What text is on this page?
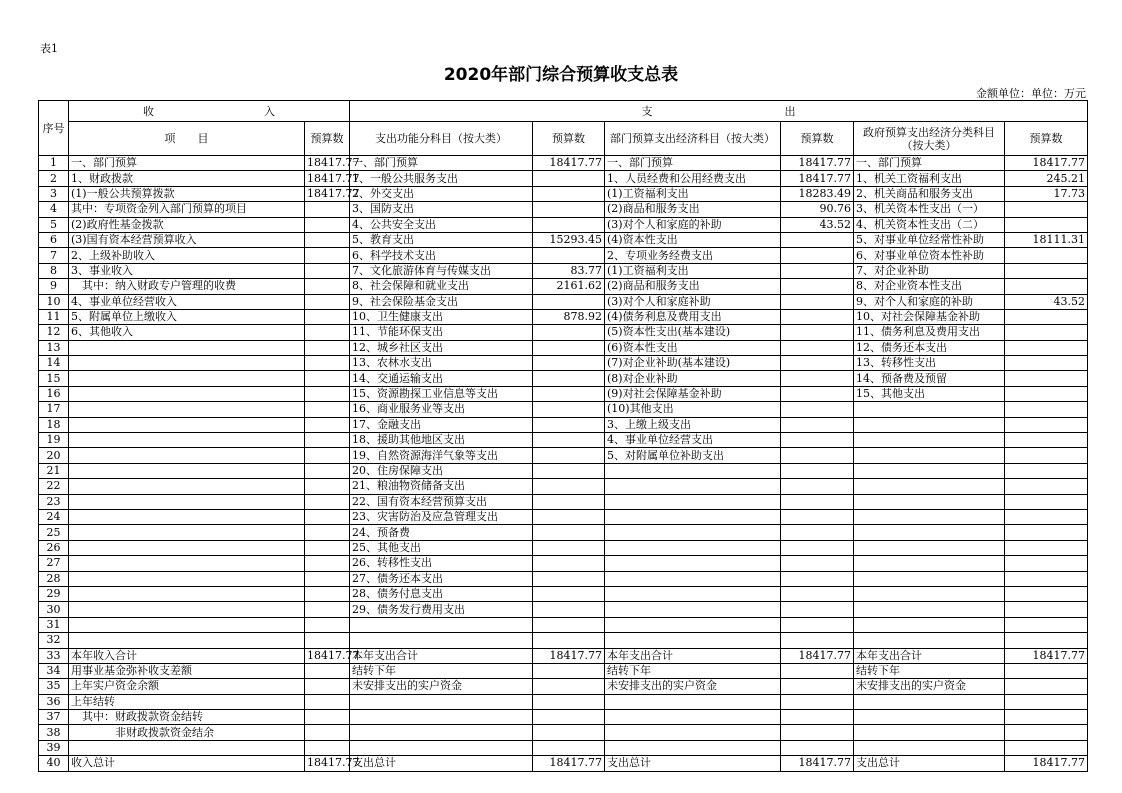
表1
2020年部门综合预算收支总表
金额单位：单位：万元
序号	收　　　　　　　　　　入		支　　　　　　　　　　　　出					
	项　　目	预算数	支出功能分科目（按大类）	预算数	部门预算支出经济科目（按大类）	预算数	政府预算支出经济分类科目（按大类）	预算数
1	一、部门预算	18417.77	一、部门预算	18417.77	一、部门预算	18417.77	一、部门预算	18417.77
2	1、财政拨款	18417.77	1、一般公共服务支出		1、人员经费和公用经费支出	18417.77	1、机关工资福利支出	245.21
3	(1)一般公共预算拨款	18417.77	2、外交支出		(1)工资福利支出	18283.49	2、机关商品和服务支出	17.73
4	其中：专项资金列入部门预算的项目		3、国防支出		(2)商品和服务支出	90.76	3、机关资本性支出（一）	
5	(2)政府性基金拨款		4、公共安全支出		(3)对个人和家庭的补助	43.52	4、机关资本性支出（二）	
6	(3)国有资本经营预算收入		5、教育支出	15293.45	(4)资本性支出		5、对事业单位经常性补助	18111.31
7	2、上级补助收入		6、科学技术支出		2、专项业务经费支出		6、对事业单位资本性补助	
8	3、事业收入		7、文化旅游体育与传媒支出	83.77	(1)工资福利支出		7、对企业补助	
9	　其中：纳入财政专户管理的收费		8、社会保障和就业支出	2161.62	(2)商品和服务支出		8、对企业资本性支出	
10	4、事业单位经营收入		9、社会保险基金支出		(3)对个人和家庭补助		9、对个人和家庭的补助	43.52
11	5、附属单位上缴收入		10、卫生健康支出	878.92	(4)债务利息及费用支出		10、对社会保障基金补助	
12	6、其他收入		11、节能环保支出		(5)资本性支出(基本建设)		11、债务利息及费用支出	
13			12、城乡社区支出		(6)资本性支出		12、债务还本支出	
14			13、农林水支出		(7)对企业补助(基本建设)		13、转移性支出	
15			14、交通运输支出		(8)对企业补助		14、预备费及预留	
16			15、资源勘探工业信息等支出		(9)对社会保障基金补助		15、其他支出	
17			16、商业服务业等支出		(10)其他支出			
18			17、金融支出		3、上缴上级支出			
19			18、援助其他地区支出		4、事业单位经营支出			
20			19、自然资源海洋气象等支出		5、对附属单位补助支出			
21			20、住房保障支出					
22			21、粮油物资储备支出					
23			22、国有资本经营预算支出					
24			23、灾害防治及应急管理支出					
25			24、预备费					
26			25、其他支出					
27			26、转移性支出					
28			27、债务还本支出					
29			28、债务付息支出					
30			29、债务发行费用支出					
31								
32								
33	本年收入合计	18417.77	本年支出合计	18417.77	本年支出合计	18417.77	本年支出合计	18417.77
34	用事业基金弥补收支差额		结转下年		结转下年		结转下年	
35	上年实户资金余额		未安排支出的实户资金		未安排支出的实户资金		未安排支出的实户资金	
36	上年结转							
37	　其中：财政拨款资金结转							
38	　　　　非财政拨款资金结余							
39								
40	收入总计	18417.77	支出总计	18417.77	支出总计	18417.77	支出总计	18417.77
